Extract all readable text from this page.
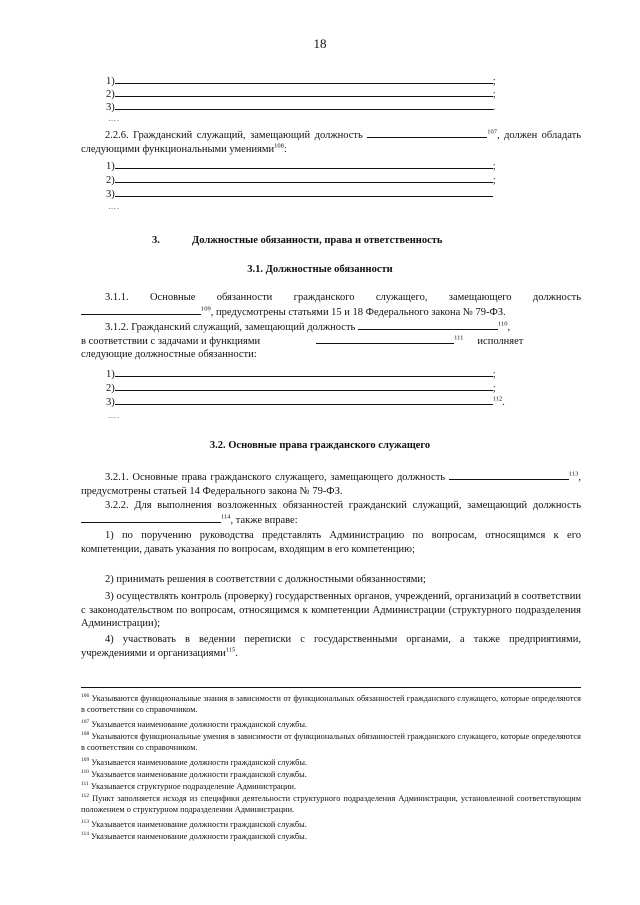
18
1)	;
2)	;
3)	.
….
2.2.6. Гражданский служащий, замещающий должность	$^{107}$, должен обладать следующими функциональными умениями$^{108}$:
1)	;
2)	;
3)
….
3.	Должностные обязанности, права и ответственность
3.1. Должностные обязанности
3.1.1. Основные обязанности гражданского служащего, замещающего должность $^{109}$, предусмотрены статьями 15 и 18 Федерального закона № 79-ФЗ.
3.1.2. Гражданский служащий, замещающий должность	$^{110}$,
в соответствии с задачами и функциями	$^{111}$ исполняет
следующие должностные обязанности:
1)	;
2)	;
3)	$^{112}$.
….
3.2. Основные права гражданского служащего
3.2.1. Основные права гражданского служащего, замещающего должность	$^{113}$, предусмотрены статьей 14 Федерального закона № 79-ФЗ.
3.2.2. Для выполнения возложенных обязанностей гражданский служащий, замещающий должность $^{114}$, также вправе:
1) по поручению руководства представлять Администрацию по вопросам, относящимся к его компетенции, давать указания по вопросам, входящим в его компетенцию;
2) принимать решения в соответствии с должностными обязанностями;
3) осуществлять контроль (проверку) государственных органов, учреждений, организаций в соответствии с законодательством по вопросам, относящимся к компетенции Администрации (структурного подразделения Администрации);
4) участвовать в ведении переписки с государственными органами, а также предприятиями, учреждениями и организациями$^{115}$.
$^{106}$ Указываются функциональные знания в зависимости от функциональных обязанностей гражданского служащего, которые определяются в соответствии со справочником.
$^{107}$ Указывается наименование должности гражданской службы.
$^{108}$ Указываются функциональные умения в зависимости от функциональных обязанностей гражданского служащего, которые определяются в соответствии со справочником.
$^{109}$ Указывается наименование должности гражданской службы.
$^{110}$ Указывается наименование должности гражданской службы.
$^{111}$ Указывается структурное подразделение Администрации.
$^{112}$ Пункт заполняется исходя из специфики деятельности структурного подразделения Администрации, установленной соответствующим положением о структурном подразделении Администрации.
$^{113}$ Указывается наименование должности гражданской службы.
$^{114}$ Указывается наименование должности гражданской службы.
